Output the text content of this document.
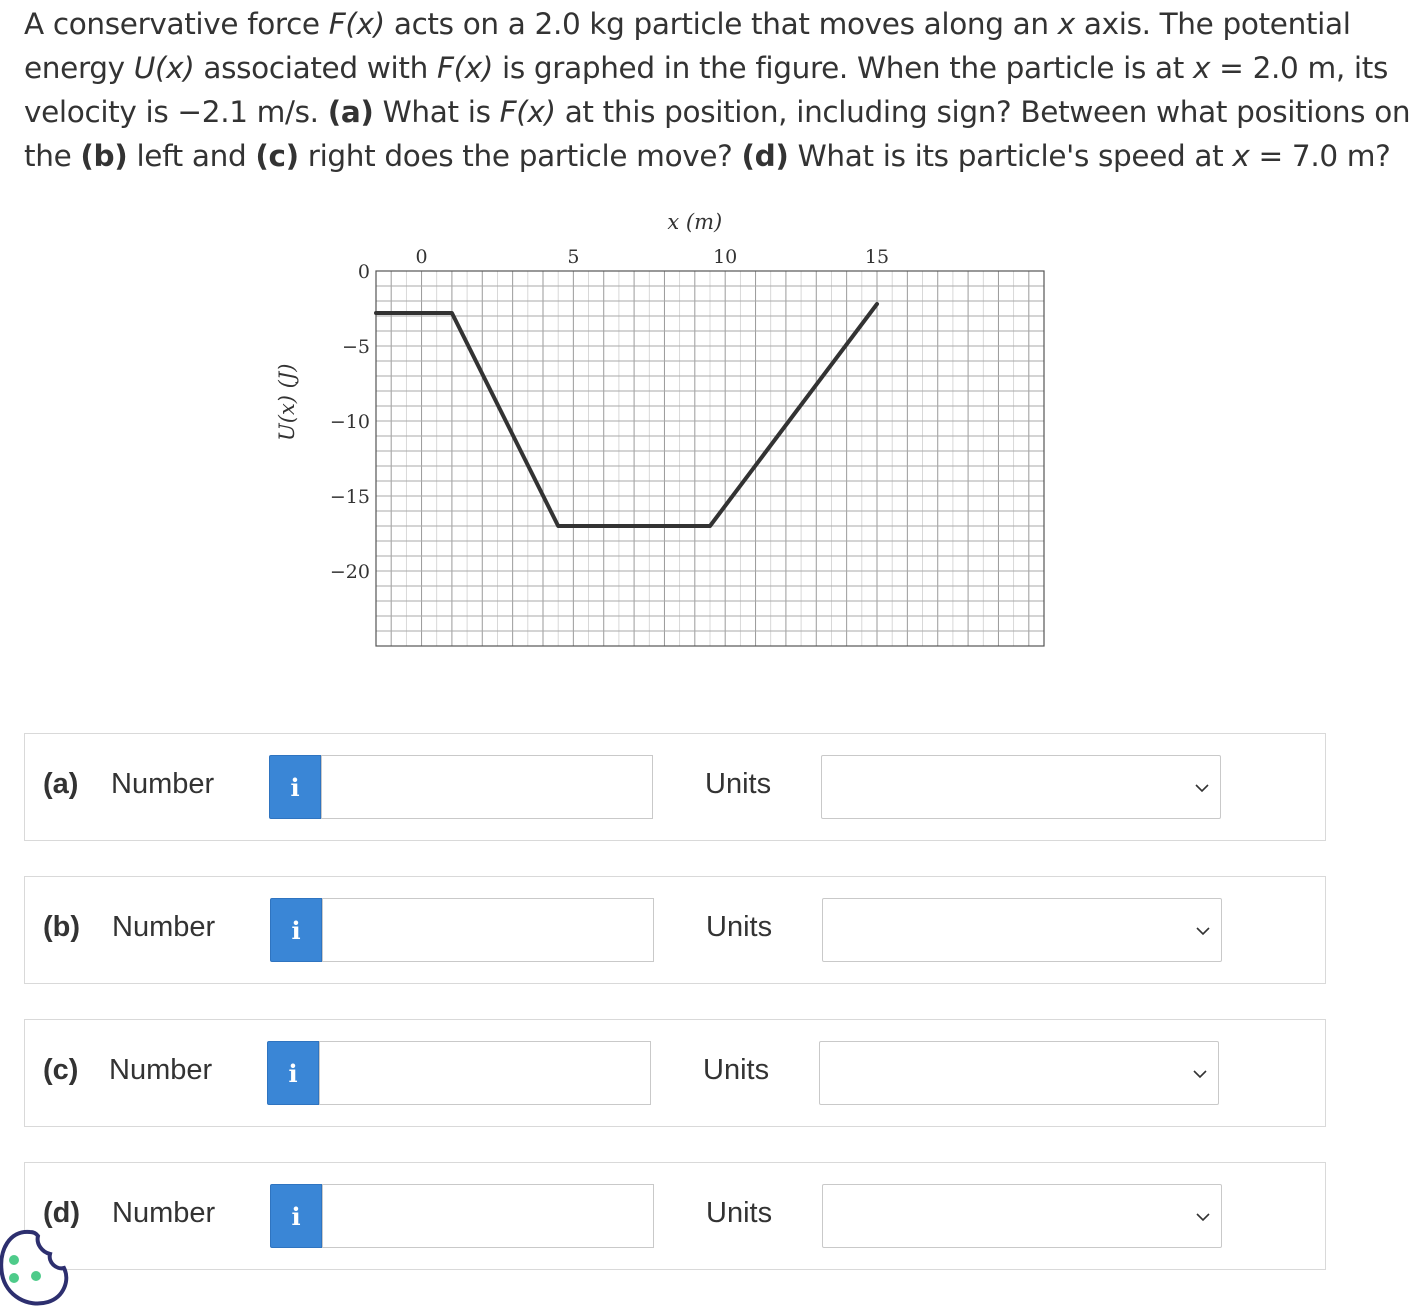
A conservative force F(x) acts on a 2.0 kg particle that moves along an x axis. The potential
energy U(x) associated with F(x) is graphed in the figure. When the particle is at x = 2.0 m, its
velocity is −2.1 m/s. (a) What is F(x) at this position, including sign? Between what positions on
the (b) left and (c) right does the particle move? (d) What is its particle's speed at x = 7.0 m?
0	5	10	15
0
−5
−10
−15
−20
x (m)
U(x) (J)
(a) Number	i	Units
(b) Number	i	Units
(c) Number	i	Units
(d) Number	i	Units
